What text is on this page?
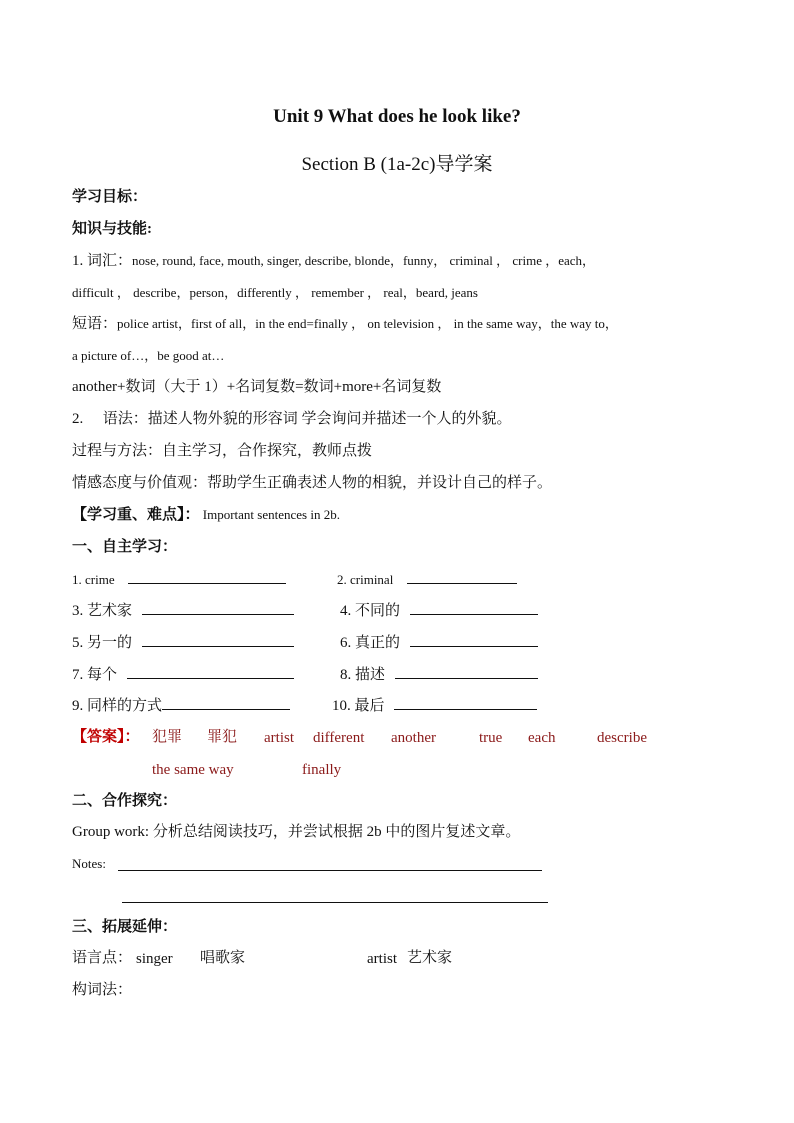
Unit 9 What does he look like?
Section B (1a-2c)导学案
学习目标：
知识与技能:
1. 词汇：nose, round, face, mouth, singer, describe, blonde，funny， criminal ， crime ，each，
difficult ， describe，person，differently ， remember ， real，beard, jeans
短语：police artist，first of all，in the end=finally ， on television ， in the same way，the way to，
a picture of…，be good at…
another+数词（大于 1）+名词复数=数词+more+名词复数
2. 语法：描述人物外貌的形容词 学会询问并描述一个人的外貌。
过程与方法：自主学习，合作探究，教师点拨
情感态度与价值观：帮助学生正确表述人物的相貌，并设计自己的样子。
【学习重、难点】： Important sentences in 2b.
一、自主学习：
1. crime	2. criminal
3. 艺术家	4. 不同的
5. 另一的	6. 真正的
7. 每个	8. 描述
9. 同样的方式	10. 最后
【答案】： 犯罪 罪犯 artist different another	true each	describe
the same way	finally
二、合作探究：
Group work: 分析总结阅读技巧，并尝试根据 2b 中的图片复述文章。
Notes:
三、拓展延伸：
语言点： singer 唱歌家	artist 艺术家
构词法：
